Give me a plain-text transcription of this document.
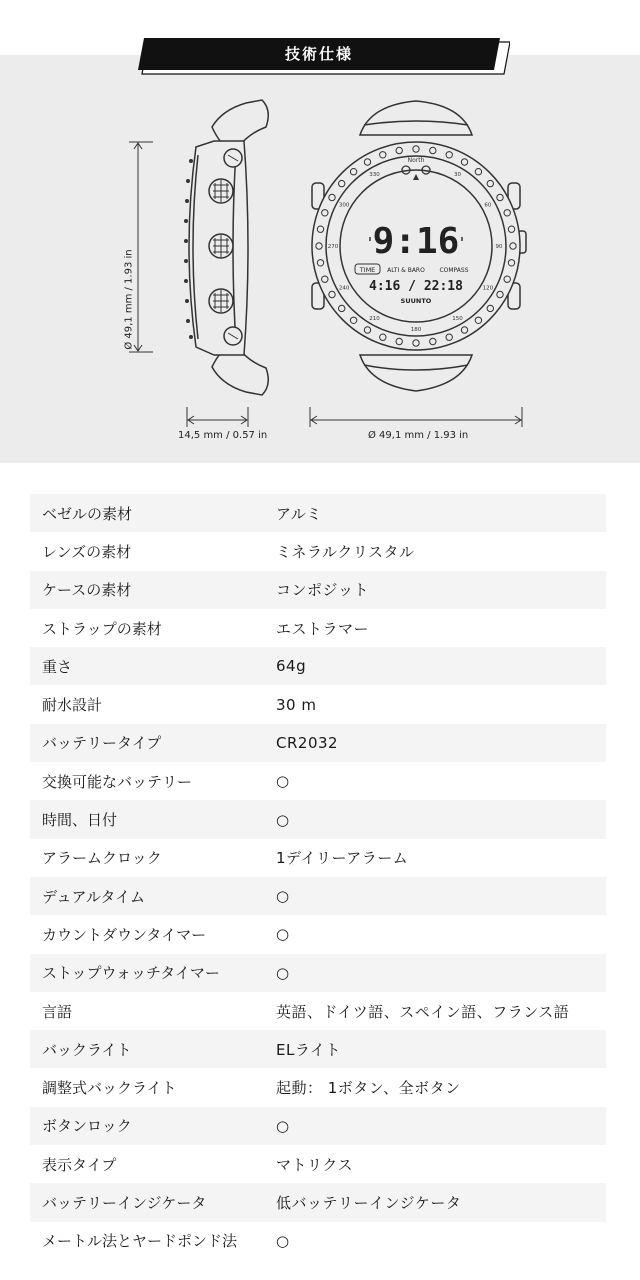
North
9:16
TIME ALTI & BARO COMPASS
4:16 / 22:18
SUUNTO
330	30
60
90
120
150
180
210
240
270
300
Ø 49,1 mm / 1.93 in
14,5 mm / 0.57 in	Ø 49,1 mm / 1.93 in
技術仕様
ベゼルの素材	アルミ
レンズの素材	ミネラルクリスタル
ケースの素材	コンポジット
ストラップの素材	エストラマー
重さ	64g
耐水設計	30 m
バッテリータイプ	CR2032
交換可能なバッテリー	○
時間、日付	○
アラームクロック	1デイリーアラーム
デュアルタイム	○
カウントダウンタイマー	○
ストップウォッチタイマー	○
言語	英語、ドイツ語、スペイン語、フランス語
バックライト	ELライト
調整式バックライト	起動： 1ボタン、全ボタン
ボタンロック	○
表示タイプ	マトリクス
バッテリーインジケータ	低バッテリーインジケータ
メートル法とヤードポンド法	○
